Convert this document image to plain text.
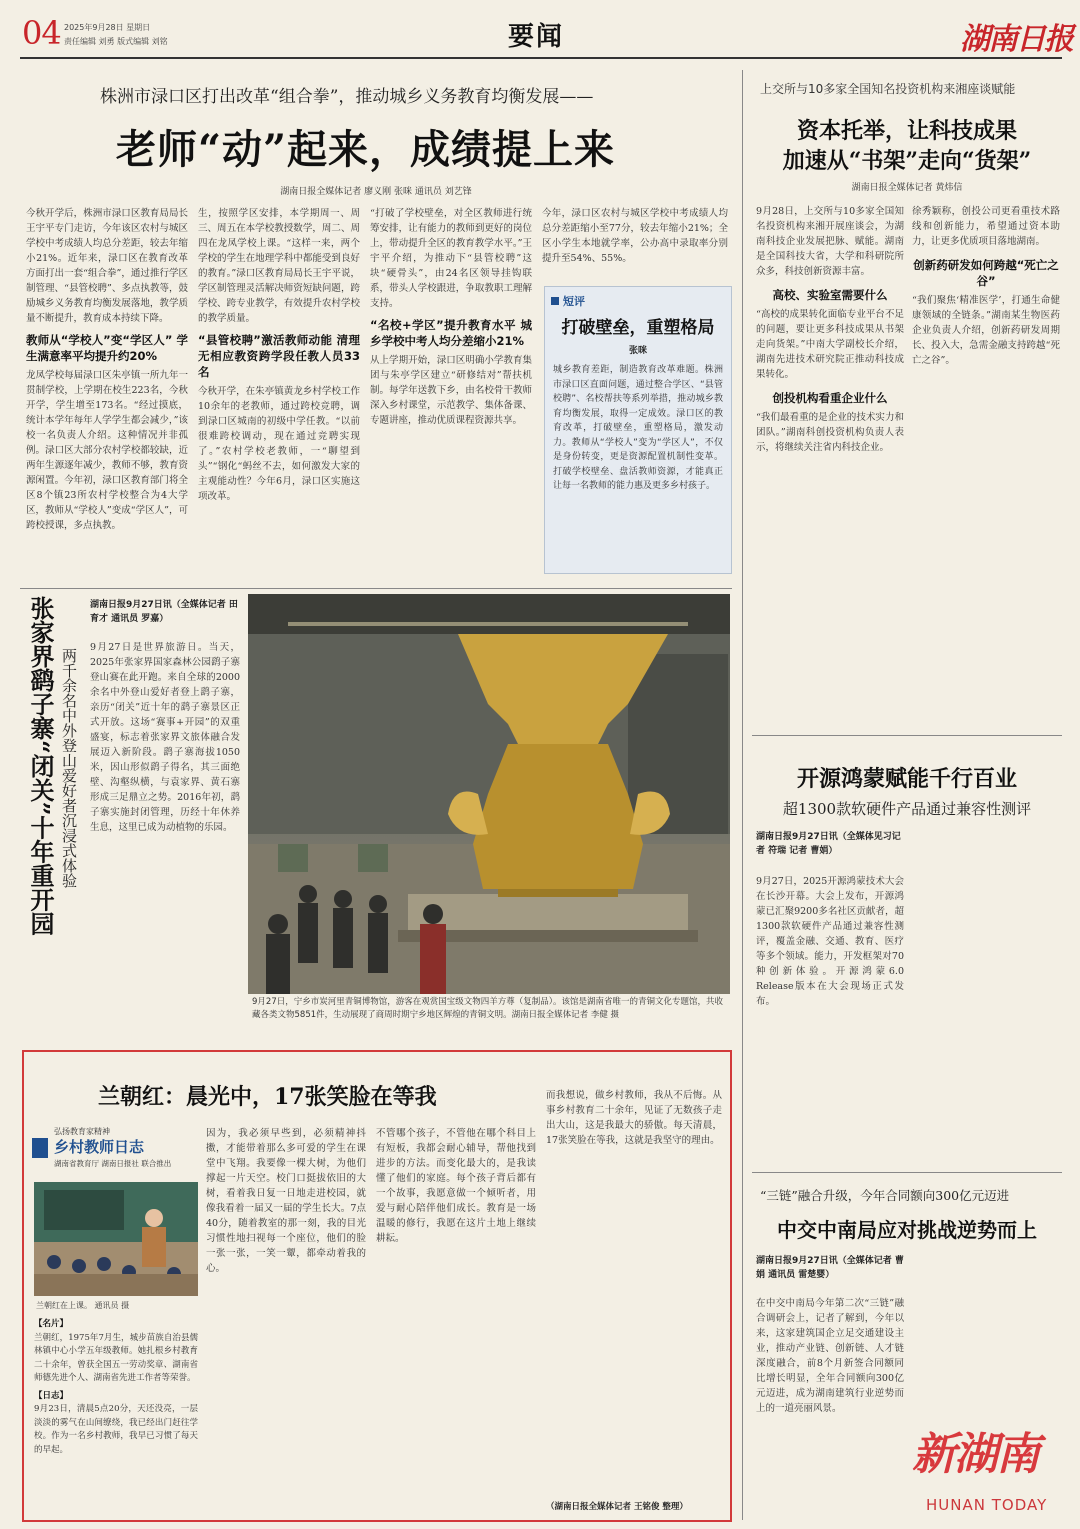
04 2025年9月28日 星期日
责任编辑 刘勇 版式编辑 刘铭	要闻	湖南日报
株洲市渌口区打出改革“组合拳”，推动城乡义务教育均衡发展——
老师“动”起来，成绩提上来
湖南日报全媒体记者 廖义刚 张咪 通讯员 刘艺锋
今秋开学后，株洲市渌口区教育局局长王宇平专门走访，今年该区农村与城区学校中考成绩人均总分差距，较去年缩小21%。近年来，渌口区在教育改革方面打出一套“组合拳”，通过推行学区制管理、“县管校聘”、多点执教等，鼓励城乡义务教育均衡发展落地，教学质量不断提升，教育成本持续下降。
教师从“学校人”变“学区人” 学生满意率平均提升约20%
龙凤学校每届渌口区朱亭镇一所九年一贯制学校，上学期在校生223名，今秋开学，学生增至173名。“经过摸底，统计本学年每年人学学生都会减少，”该校一名负责人介绍。这种情况并非孤例。渌口区大部分农村学校都较缺，近两年生源逐年减少，教师不够，教育资源闲置。今年初，渌口区教育部门将全区8个镇23所农村学校整合为4大学区，教师从“学校人”变成“学区人”，可跨校授课，多点执教。
生，按照学区安排，本学期周一、周三、周五在本学校教授数学，周二、周四在龙凤学校上课。“这样一来，两个学校的学生在地理学科中都能受到良好的教育。”渌口区教育局局长王宇平说，学区制管理灵活解决师资短缺问题，跨学校、跨专业教学，有效提升农村学校的教学质量。
“县管校聘”激活教师动能 清理无相应教资跨学段任教人员33名
今秋开学，在朱亭镇黄龙乡村学校工作10余年的老教师，通过跨校竞聘，调到渌口区城南的初级中学任教。“以前很难跨校调动，现在通过竞聘实现了。”农村学校老教师，一“聊望到头”“钢化“蚂丝不去，如何激发大家的主观能动性？今年6月，渌口区实施这项改革。
“打破了学校壁垒，对全区教师进行统筹安排，让有能力的教师到更好的岗位上，带动提升全区的教育教学水平。”王宇平介绍，为推动下“县管校聘”这块“硬骨头”，由24名区领导挂钩联系，带头人学校跟进，争取教职工理解支持。
“名校+学区”提升教育水平 城乡学校中考人均分差缩小21%
从上学期开始，渌口区明确小学教育集团与朱亭学区建立“研修结对”帮扶机制。每学年送教下乡，由名校骨干教师深入乡村课堂，示范教学、集体备课、专题讲座，推动优质课程资源共享。
今年，渌口区农村与城区学校中考成绩人均总分差距缩小至77分，较去年缩小21%；全区小学生本地就学率，公办高中录取率分别提升至54%、55%。
短评
打破壁垒，重塑格局
张咪
城乡教育差距，制造教育改革难题。株洲市渌口区直面问题，通过整合学区、“县管校聘”、名校帮扶等系列举措，推动城乡教育均衡发展，取得一定成效。渌口区的教育改革，打破壁垒，重塑格局，激发动力。教师从“学校人”变为“学区人”，不仅是身份转变，更是资源配置机制性变革。打破学校壁垒、盘活教师资源，才能真正让每一名教师的能力惠及更多乡村孩子。
上交所与10多家全国知名投资机构来湘座谈赋能
资本托举，让科技成果
加速从“书架”走向“货架”
湖南日报全媒体记者 黄炜信
9月28日，上交所与10多家全国知名投资机构来湘开展座谈会，为湖南科技企业发展把脉、赋能。湖南是全国科技大省，大学和科研院所众多，科技创新资源丰富。
高校、实验室需要什么
“高校的成果转化面临专业平台不足的问题，要让更多科技成果从书架走向货架。”中南大学副校长介绍，湖南先进技术研究院正推动科技成果转化。
创投机构看重企业什么
“我们最看重的是企业的技术实力和团队。”湖南科创投资机构负责人表示，将继续关注省内科技企业。
徐秀颖称，创投公司更看重技术路线和创新能力，希望通过资本助力，让更多优质项目落地湖南。
创新药研发如何跨越“死亡之谷”
“我们聚焦‘精准医学’，打通生命健康领域的全链条。”湖南某生物医药企业负责人介绍，创新药研发周期长、投入大，急需金融支持跨越“死亡之谷”。
张家界鹞子寨“闭关”十年重开园 两千余名中外登山爱好者沉浸式体验
湖南日报9月27日讯（全媒体记者 田育才 通讯员 罗嘉）
9月27日是世界旅游日。当天，2025年张家界国家森林公园鹞子寨登山赛在此开跑。来自全球的2000余名中外登山爱好者登上鹞子寨，亲历“闭关”近十年的鹞子寨景区正式开放。这场“赛事+开园”的双重盛宴，标志着张家界文旅体融合发展迈入新阶段。鹞子寨海拔1050米，因山形似鹞子得名，其三面绝壁、沟壑纵横，与袁家界、黄石寨形成三足鼎立之势。2016年初，鹞子寨实施封闭管理，历经十年休养生息，这里已成为动植物的乐园。
9月27日，宁乡市炭河里青铜博物馆，游客在观赏国宝级文物四羊方尊（复制品）。该馆是湖南省唯一的青铜文化专题馆，共收藏各类文物5851件，生动展现了商周时期宁乡地区辉煌的青铜文明。湖南日报全媒体记者 李健 摄
兰朝红：晨光中，17张笑脸在等我
弘扬教育家精神
乡村教师日志
湖南省教育厅 湖南日报社 联合推出
兰朝红在上课。 通讯员 摄
【名片】
兰朝红，1975年7月生，城步苗族自治县儒林镇中心小学五年级教师。她扎根乡村教育二十余年，曾获全国五一劳动奖章、湖南省师德先进个人、湖南省先进工作者等荣誉。
【日志】
9月23日，清晨5点20分，天还没亮，一层淡淡的雾气在山间缭绕，我已经出门赶往学校。作为一名乡村教师，我早已习惯了每天的早起。
因为，我必须早些到，必须精神抖擞，才能带着那么多可爱的学生在课堂中飞翔。我要像一棵大树，为他们撑起一片天空。校门口挺拔依旧的大树，看着我日复一日地走进校园，就像我看着一届又一届的学生长大。7点40分，随着教室的那一刻，我的目光习惯性地扫视每一个座位，他们的脸一张一张，一笑一颦，都牵动着我的心。
不管哪个孩子，不管他在哪个科目上有短板，我都会耐心辅导，帮他找到进步的方法。而变化最大的，是我读懂了他们的家庭。每个孩子背后都有一个故事，我愿意做一个倾听者，用爱与耐心陪伴他们成长。教育是一场温暖的修行，我愿在这片土地上继续耕耘。
而我想说，做乡村教师，我从不后悔。从事乡村教育二十余年，见证了无数孩子走出大山，这是我最大的骄傲。每天清晨，17张笑脸在等我，这就是我坚守的理由。
（湖南日报全媒体记者 王铭俊 整理）
开源鸿蒙赋能千行百业
超1300款软硬件产品通过兼容性测评
湖南日报9月27日讯（全媒体见习记者 符瑞 记者 曹娟）
9月27日，2025开源鸿蒙技术大会在长沙开幕。大会上发布，开源鸿蒙已汇聚9200多名社区贡献者，超1300款软硬件产品通过兼容性测评，覆盖金融、交通、教育、医疗等多个领域。能力，开发框架对70种创新体验。开源鸿蒙6.0 Release版本在大会现场正式发布。
“三链”融合升级，今年合同额向300亿元迈进
中交中南局应对挑战逆势而上
湖南日报9月27日讯（全媒体记者 曹娟 通讯员 雷楚婴）
在中交中南局今年第二次“三链”融合调研会上，记者了解到，今年以来，这家建筑国企立足交通建设主业，推动产业链、创新链、人才链深度融合，前8个月新签合同额同比增长明显，全年合同额向300亿元迈进，成为湖南建筑行业逆势而上的一道亮丽风景。
新湖南
HUNAN TODAY
